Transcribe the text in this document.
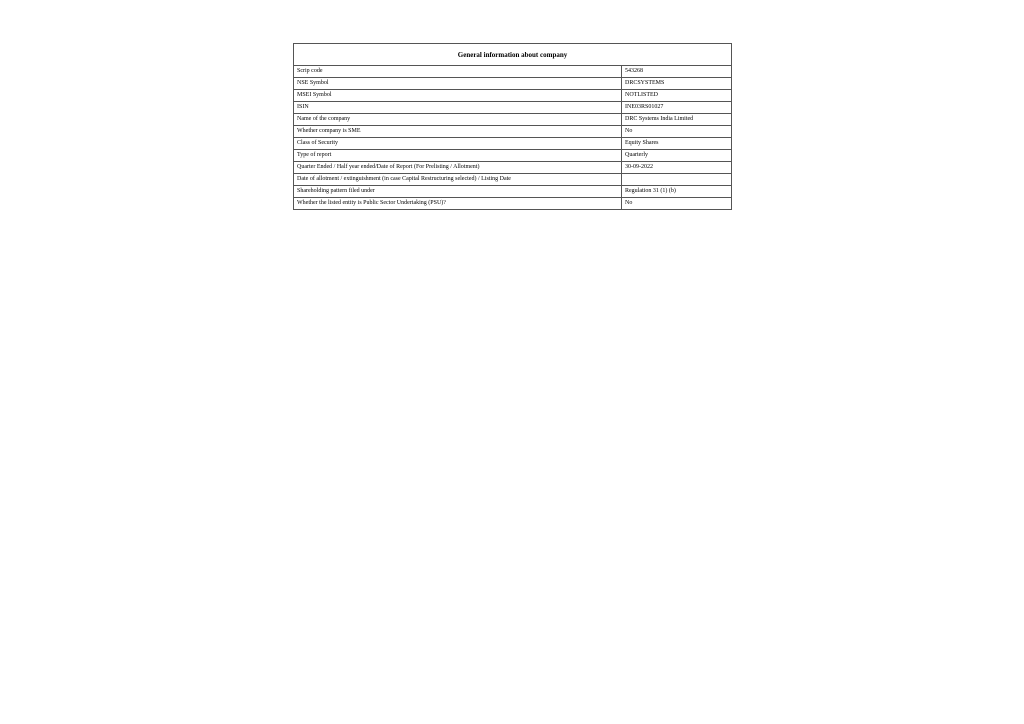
General information about company	
Scrip code	543268
NSE Symbol	DRCSYSTEMS
MSEI Symbol	NOTLISTED
ISIN	INE03RS01027
Name of the company	DRC Systems India Limited
Whether company is SME	No
Class of Security	Equity Shares
Type of report	Quarterly
Quarter Ended / Half year ended/Date of Report (For Prelisting / Allotment)	30-09-2022
Date of allotment / extinguishment (in case Capital Restructuring selected) / Listing Date	
Shareholding pattern filed under	Regulation 31 (1) (b)
Whether the listed entity is Public Sector Undertaking (PSU)?	No
